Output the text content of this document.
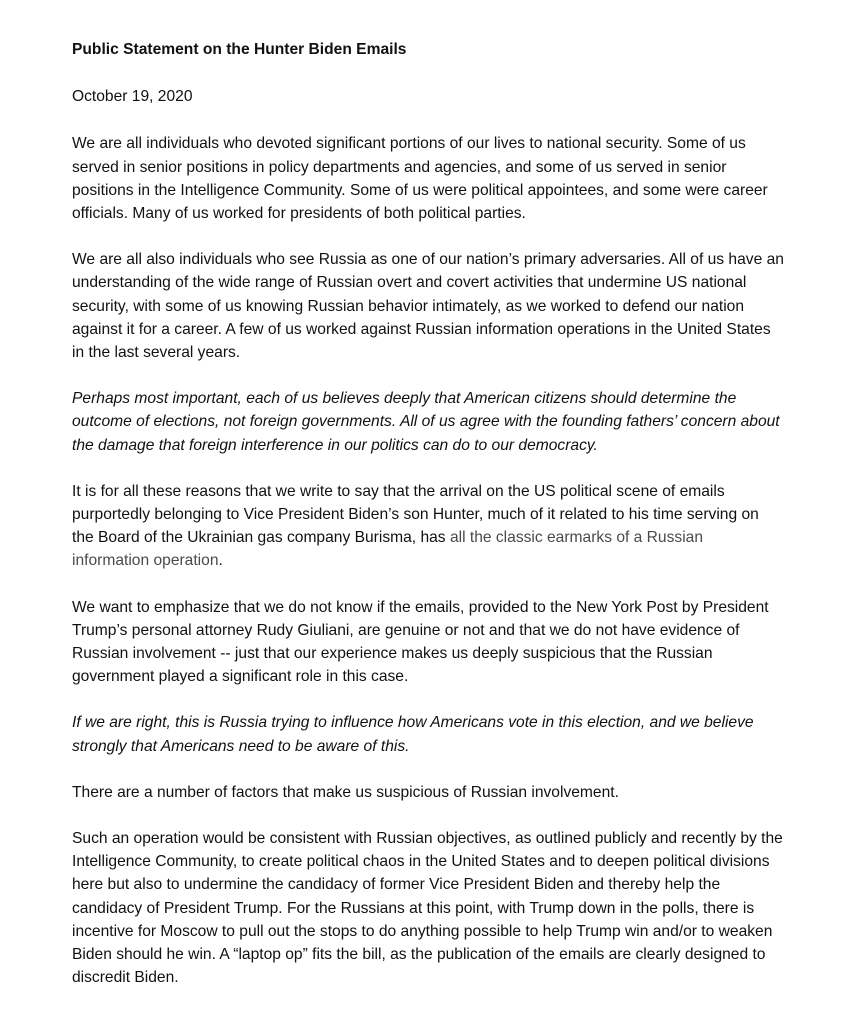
Public Statement on the Hunter Biden Emails

October 19, 2020

We are all individuals who devoted significant portions of our lives to national security. Some of us served in senior positions in policy departments and agencies, and some of us served in senior positions in the Intelligence Community. Some of us were political appointees, and some were career officials. Many of us worked for presidents of both political parties.

We are all also individuals who see Russia as one of our nation’s primary adversaries. All of us have an understanding of the wide range of Russian overt and covert activities that undermine US national security, with some of us knowing Russian behavior intimately, as we worked to defend our nation against it for a career. A few of us worked against Russian information operations in the United States in the last several years.

Perhaps most important, each of us believes deeply that American citizens should determine the outcome of elections, not foreign governments. All of us agree with the founding fathers’ concern about the damage that foreign interference in our politics can do to our democracy.

It is for all these reasons that we write to say that the arrival on the US political scene of emails purportedly belonging to Vice President Biden’s son Hunter, much of it related to his time serving on the Board of the Ukrainian gas company Burisma, has all the classic earmarks of a Russian information operation.

We want to emphasize that we do not know if the emails, provided to the New York Post by President Trump’s personal attorney Rudy Giuliani, are genuine or not and that we do not have evidence of Russian involvement -- just that our experience makes us deeply suspicious that the Russian government played a significant role in this case.

If we are right, this is Russia trying to influence how Americans vote in this election, and we believe strongly that Americans need to be aware of this.

There are a number of factors that make us suspicious of Russian involvement.

Such an operation would be consistent with Russian objectives, as outlined publicly and recently by the Intelligence Community, to create political chaos in the United States and to deepen political divisions here but also to undermine the candidacy of former Vice President Biden and thereby help the candidacy of President Trump. For the Russians at this point, with Trump down in the polls, there is incentive for Moscow to pull out the stops to do anything possible to help Trump win and/or to weaken Biden should he win. A “laptop op” fits the bill, as the publication of the emails are clearly designed to discredit Biden.
